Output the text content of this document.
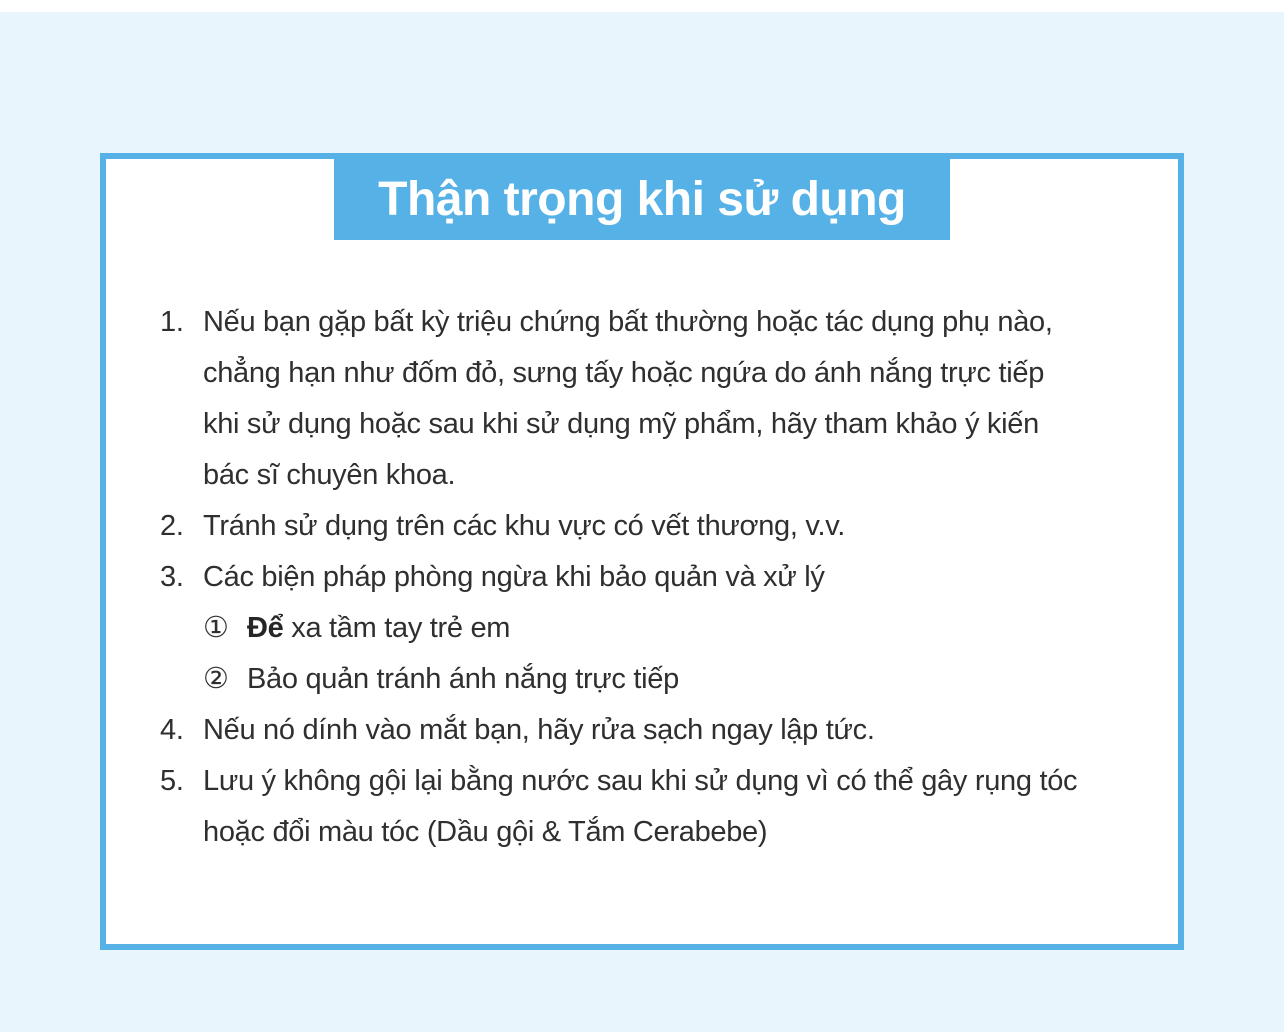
Thận trọng khi sử dụng
1. Nếu bạn gặp bất kỳ triệu chứng bất thường hoặc tác dụng phụ nào,
chẳng hạn như đốm đỏ, sưng tấy hoặc ngứa do ánh nắng trực tiếp
khi sử dụng hoặc sau khi sử dụng mỹ phẩm, hãy tham khảo ý kiến
bác sĩ chuyên khoa.
2. Tránh sử dụng trên các khu vực có vết thương, v.v.
3. Các biện pháp phòng ngừa khi bảo quản và xử lý
① Để xa tầm tay trẻ em
② Bảo quản tránh ánh nắng trực tiếp
4. Nếu nó dính vào mắt bạn, hãy rửa sạch ngay lập tức.
5. Lưu ý không gội lại bằng nước sau khi sử dụng vì có thể gây rụng tóc
hoặc đổi màu tóc (Dầu gội & Tắm Cerabebe)
